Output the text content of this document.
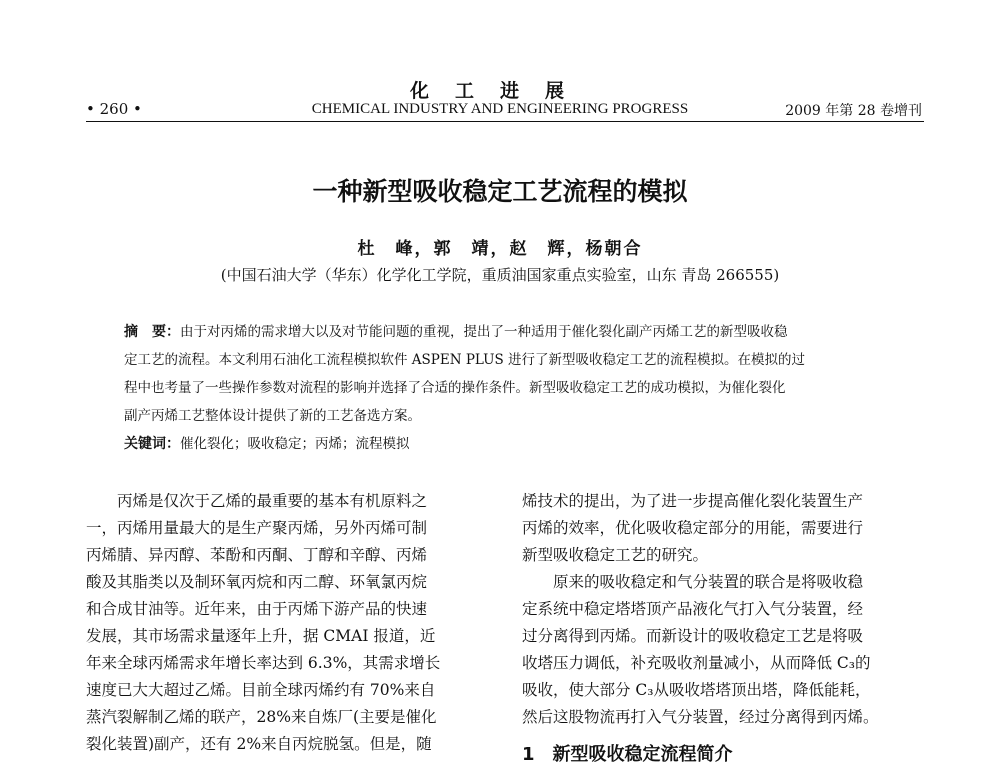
化工进展
• 260 •	CHEMICAL INDUSTRY AND ENGINEERING PROGRESS	2009 年第 28 卷增刊
一种新型吸收稳定工艺流程的模拟
杜　峰，郭　靖，赵　辉，杨朝合
(中国石油大学（华东）化学化工学院，重质油国家重点实验室，山东 青岛 266555)
摘　要：由于对丙烯的需求增大以及对节能问题的重视，提出了一种适用于催化裂化副产丙烯工艺的新型吸收稳
定工艺的流程。本文利用石油化工流程模拟软件 ASPEN PLUS 进行了新型吸收稳定工艺的流程模拟。在模拟的过
程中也考量了一些操作参数对流程的影响并选择了合适的操作条件。新型吸收稳定工艺的成功模拟，为催化裂化
副产丙烯工艺整体设计提供了新的工艺备选方案。
关键词：催化裂化；吸收稳定；丙烯；流程模拟
　　丙烯是仅次于乙烯的最重要的基本有机原料之
一，丙烯用量最大的是生产聚丙烯，另外丙烯可制
丙烯腈、异丙醇、苯酚和丙酮、丁醇和辛醇、丙烯
酸及其脂类以及制环氧丙烷和丙二醇、环氧氯丙烷
和合成甘油等。近年来，由于丙烯下游产品的快速
发展，其市场需求量逐年上升，据 CMAI 报道，近
年来全球丙烯需求年增长率达到 6.3%，其需求增长
速度已大大超过乙烯。目前全球丙烯约有 70%来自
蒸汽裂解制乙烯的联产，28%来自炼厂(主要是催化
裂化装置)副产，还有 2%来自丙烷脱氢。但是，随
烯技术的提出，为了进一步提高催化裂化装置生产
丙烯的效率，优化吸收稳定部分的用能，需要进行
新型吸收稳定工艺的研究。
　　原来的吸收稳定和气分装置的联合是将吸收稳
定系统中稳定塔塔顶产品液化气打入气分装置，经
过分离得到丙烯。而新设计的吸收稳定工艺是将吸
收塔压力调低，补充吸收剂量减小，从而降低 C₃的
吸收，使大部分 C₃从吸收塔塔顶出塔，降低能耗，
然后这股物流再打入气分装置，经过分离得到丙烯。
1　新型吸收稳定流程简介
